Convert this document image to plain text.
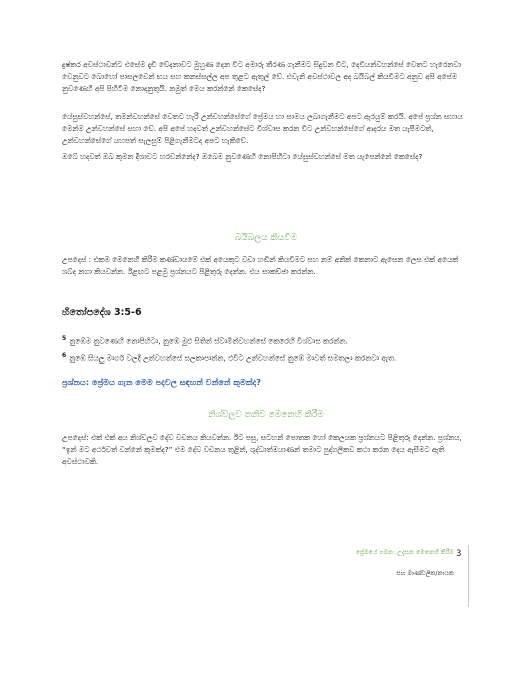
දුෂ්කර අවස්ථාවන්ට එසේම දැඩි වේදනාවට මුහුණ දෙන විට අමාරු තීරණ ගැනීමට සිදුවන විට, දෙවියන්වහන්සේ වෙතට හැරෙනවා වෙනුවට බොහෝ පාසලවෙන් භය සහ කනස්සල්ල අප තුළට ඇතුල් වේ. එවැනි අවස්ථාවල අද බයිබල් කියවීමට අනුව අපි අපේම නුවණෙහි අපි පිහිටීම නොදනුතුයි. නමුත් මෙය කරන්නේ කෙසේද?

යේසුස්වහන්සේ, තමන්වහන්සේ වෙතට හැරී උන්වහන්සේගේ ප්‍රේමය හා සාමය ලබාගැනීමට අපට ඇරයුම් කරයි. අපේ ප්‍රශ්න සහාය මෙන්ම උන්වහන්සේ සහා වේ. අපි අපේ හදවත් උන්වහන්සේට විශ්වාස කරන විට උන්වහන්සේගේ ආදරය මත යැපීමටත්, උන්වහන්සේගේ යහපත් සැලසුම් පිළිගැනීමටද අපට හැකිවේ.

ඔබේ හදවත් ඔබ කුමන දිශාවට හරවන්නේද? ඔබෙම නුවණෙහි නොපිහිටා යේසුස්වහන්සේ මත යැපෙන්නේ කෙසේද?

බයිබලය කියවීම

උපදෙස් : එකම මෙනෙහි කිරීම කණ්ඩායමේ එක් අයෙකුට වඩා හඬින් කියවීමට සහ නම් අනික් කෙනාට ඇසෙන ලෙස එක් අයෙක් ශබ්ද නගා කියවන්න. ඊළඟට පළමු ප්‍රශ්නයට පිළිතුරු දෙන්න. එය සාකච්ඡා කරන්න.

හිතෝපදේශ 3:5-6

$^5$ නුඹේම නුවණෙහි නොපිහිටා, නුඹේ මුළු සිතින් ස්වාමීන්වහන්සේ කෙරෙහි විශ්වාස කරන්න.

$^6$ නුඹේ සියලු මාර්ග වලදී උන්වහන්සේ සලකාපාන්න, එවිට උන්වහන්සේ නුඹේ මාවත් සමතලා කරනවා ඇත.

ප්‍රශ්නය: ප්‍රේමය ගැන මෙම පදවල සඳහන් වන්නේ කුමක්ද?

නිශ්චලව තනිව මෙනෙහි කිරීම

උපදෙස්: එක් එක් අය නිශ්චලව දේව වචනය කියවන්න. ඊට පසු, සටහන් පොතක හෝ කෙලයක ප්‍රශ්නයට පිළිතුරු දෙන්න. ප්‍රශ්නය, “ඉන් මට අර්ථවත් වන්නේ කුමක්ද?” එම දේව වචනය තුළින්, ශුද්ධාත්මයාණන් තමාට පුද්ගලිකව කථා කරන දෙය ඇසීමට ඇති අවස්ථාවකි.

ප්‍රේමයේ ගමන: උදැසන මෙනෙහි කිරීම 3

සහ මාණ්ඩලික/නායක
